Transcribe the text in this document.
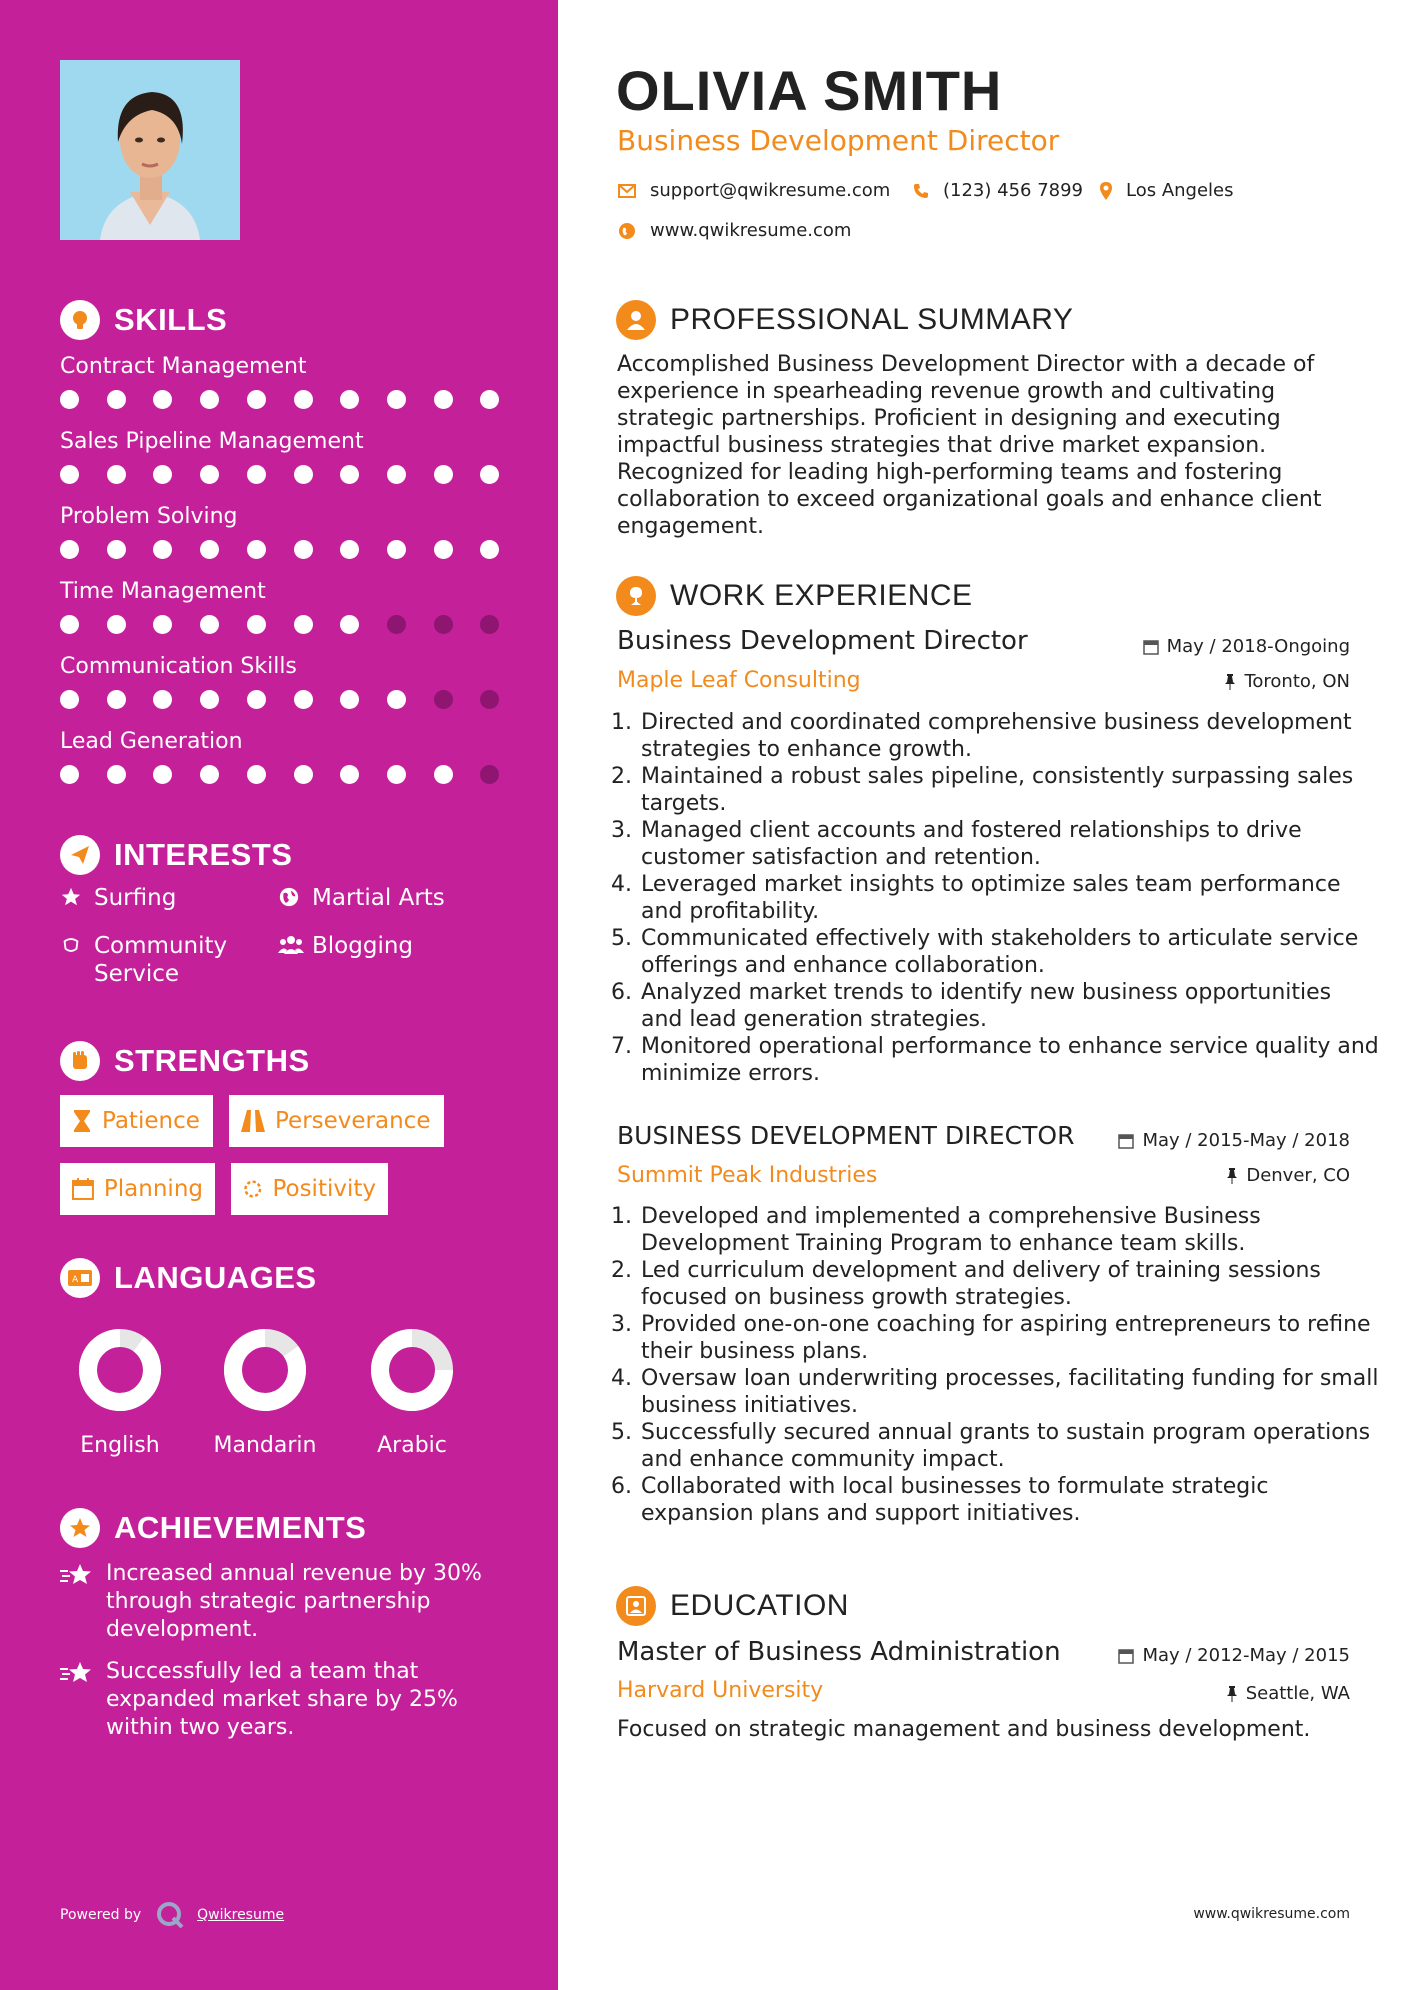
SKILLS
Contract Management
Sales Pipeline Management
Problem Solving
Time Management
Communication Skills
Lead Generation
INTERESTS
Surfing	Martial Arts
Community Service
Blogging
STRENGTHS
Patience	Perseverance
Planning	Positivity
A LANGUAGES
English	Mandarin	Arabic
ACHIEVEMENTS
Increased annual revenue by 30% through strategic partnership development.
Successfully led a team that expanded market share by 25% within two years.
Powered by	Qwikresume
OLIVIA SMITH
Business Development Director
support@qwikresume.com	(123) 456 7899 Los Angeles
www.qwikresume.com
PROFESSIONAL SUMMARY
Accomplished Business Development Director with a decade of experience in spearheading revenue growth and cultivating strategic partnerships. Proficient in designing and executing impactful business strategies that drive market expansion. Recognized for leading high-performing teams and fostering collaboration to exceed organizational goals and enhance client engagement.
WORK EXPERIENCE
Business Development Director	May / 2018-Ongoing
Maple Leaf Consulting	Toronto, ON
1. Directed and coordinated comprehensive business development strategies to enhance growth.
2. Maintained a robust sales pipeline, consistently surpassing sales targets.
3. Managed client accounts and fostered relationships to drive customer satisfaction and retention.
4. Leveraged market insights to optimize sales team performance and profitability.
5. Communicated effectively with stakeholders to articulate service offerings and enhance collaboration.
6. Analyzed market trends to identify new business opportunities and lead generation strategies.
7. Monitored operational performance to enhance service quality and minimize errors.
BUSINESS DEVELOPMENT DIRECTOR	May / 2015-May / 2018
Summit Peak Industries	Denver, CO
1. Developed and implemented a comprehensive Business Development Training Program to enhance team skills.
2. Led curriculum development and delivery of training sessions focused on business growth strategies.
3. Provided one-on-one coaching for aspiring entrepreneurs to refine their business plans.
4. Oversaw loan underwriting processes, facilitating funding for small business initiatives.
5. Successfully secured annual grants to sustain program operations and enhance community impact.
6. Collaborated with local businesses to formulate strategic expansion plans and support initiatives.
EDUCATION
Master of Business Administration	May / 2012-May / 2015
Harvard University	Seattle, WA
Focused on strategic management and business development.
www.qwikresume.com
